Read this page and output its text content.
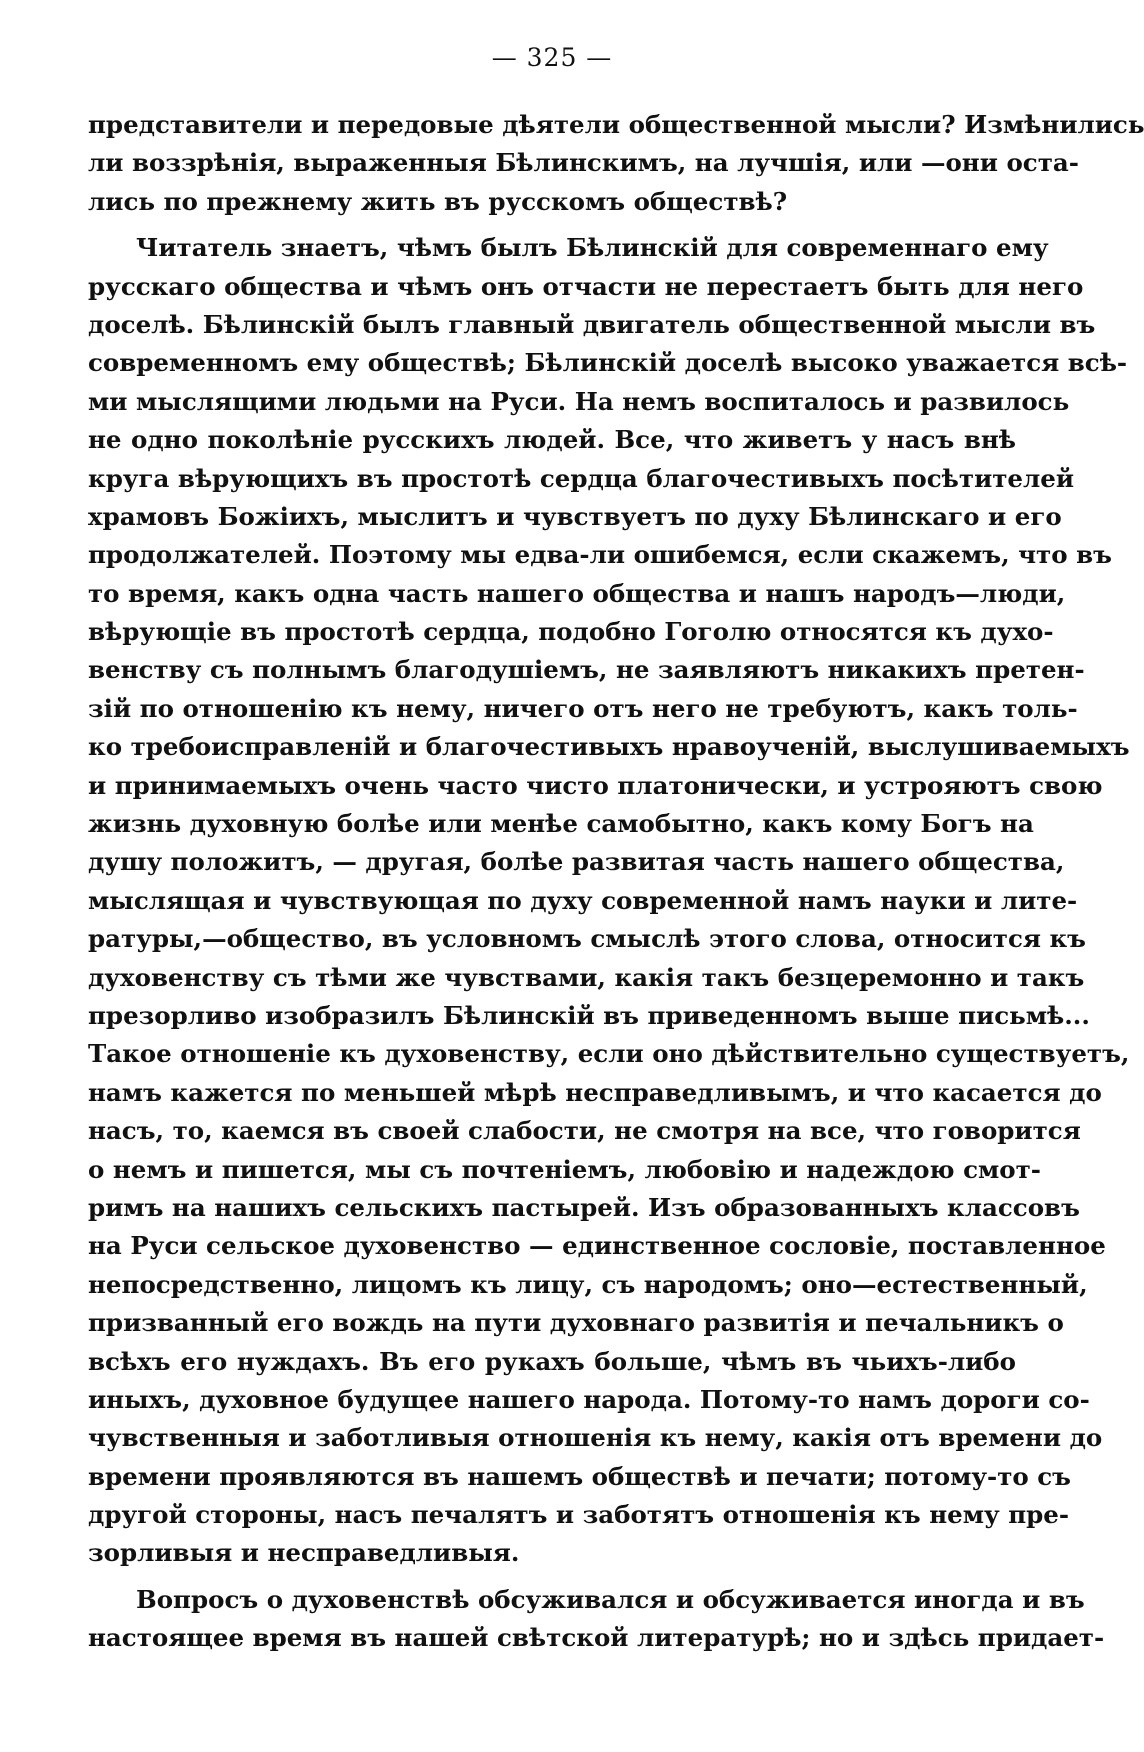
— 325 —

представители и передовые дѣятели общественной мысли? Измѣнились
ли воззрѣнія, выраженныя Бѣлинскимъ, на лучшія, или —они оста-
лись по прежнему жить въ русскомъ обществѣ?

Читатель знаетъ, чѣмъ былъ Бѣлинскій для современнаго ему
русскаго общества и чѣмъ онъ отчасти не перестаетъ быть для него
доселѣ. Бѣлинскій былъ главный двигатель общественной мысли въ
современномъ ему обществѣ; Бѣлинскій доселѣ высоко уважается всѣ-
ми мыслящими людьми на Руси. На немъ воспиталось и развилось
не одно поколѣніе русскихъ людей. Все, что живетъ у насъ внѣ
круга вѣрующихъ въ простотѣ сердца благочестивыхъ посѣтителей
храмовъ Божіихъ, мыслитъ и чувствуетъ по духу Бѣлинскаго и его
продолжателей. Поэтому мы едва-ли ошибемся, если скажемъ, что въ
то время, какъ одна часть нашего общества и нашъ народъ—люди,
вѣрующіе въ простотѣ сердца, подобно Гоголю относятся къ духо-
венству съ полнымъ благодушіемъ, не заявляютъ никакихъ претен-
зій по отношенію къ нему, ничего отъ него не требуютъ, какъ толь-
ко требоисправленій и благочестивыхъ нравоученій, выслушиваемыхъ
и принимаемыхъ очень часто чисто платонически, и устрояютъ свою
жизнь духовную болѣе или менѣе самобытно, какъ кому Богъ на
душу положитъ, — другая, болѣе развитая часть нашего общества,
мыслящая и чувствующая по духу современной намъ науки и лите-
ратуры,—общество, въ условномъ смыслѣ этого слова, относится къ
духовенству съ тѣми же чувствами, какія такъ безцеремонно и такъ
презорливо изобразилъ Бѣлинскій въ приведенномъ выше письмѣ...
Такое отношеніе къ духовенству, если оно дѣйствительно существуетъ,
намъ кажется по меньшей мѣрѣ несправедливымъ, и что касается до
насъ, то, каемся въ своей слабости, не смотря на все, что говорится
о немъ и пишется, мы съ почтеніемъ, любовію и надеждою смот-
римъ на нашихъ сельскихъ пастырей. Изъ образованныхъ классовъ
на Руси сельское духовенство — единственное сословіе, поставленное
непосредственно, лицомъ къ лицу, съ народомъ; оно—естественный,
призванный его вождь на пути духовнаго развитія и печальникъ о
всѣхъ его нуждахъ. Въ его рукахъ больше, чѣмъ въ чьихъ-либо
иныхъ, духовное будущее нашего народа. Потому-то намъ дороги со-
чувственныя и заботливыя отношенія къ нему, какія отъ времени до
времени проявляются въ нашемъ обществѣ и печати; потому-то съ
другой стороны, насъ печалятъ и заботятъ отношенія къ нему пре-
зорливыя и несправедливыя.

Вопросъ о духовенствѣ обсуживался и обсуживается иногда и въ
настоящее время въ нашей свѣтской литературѣ; но и здѣсь придает-
